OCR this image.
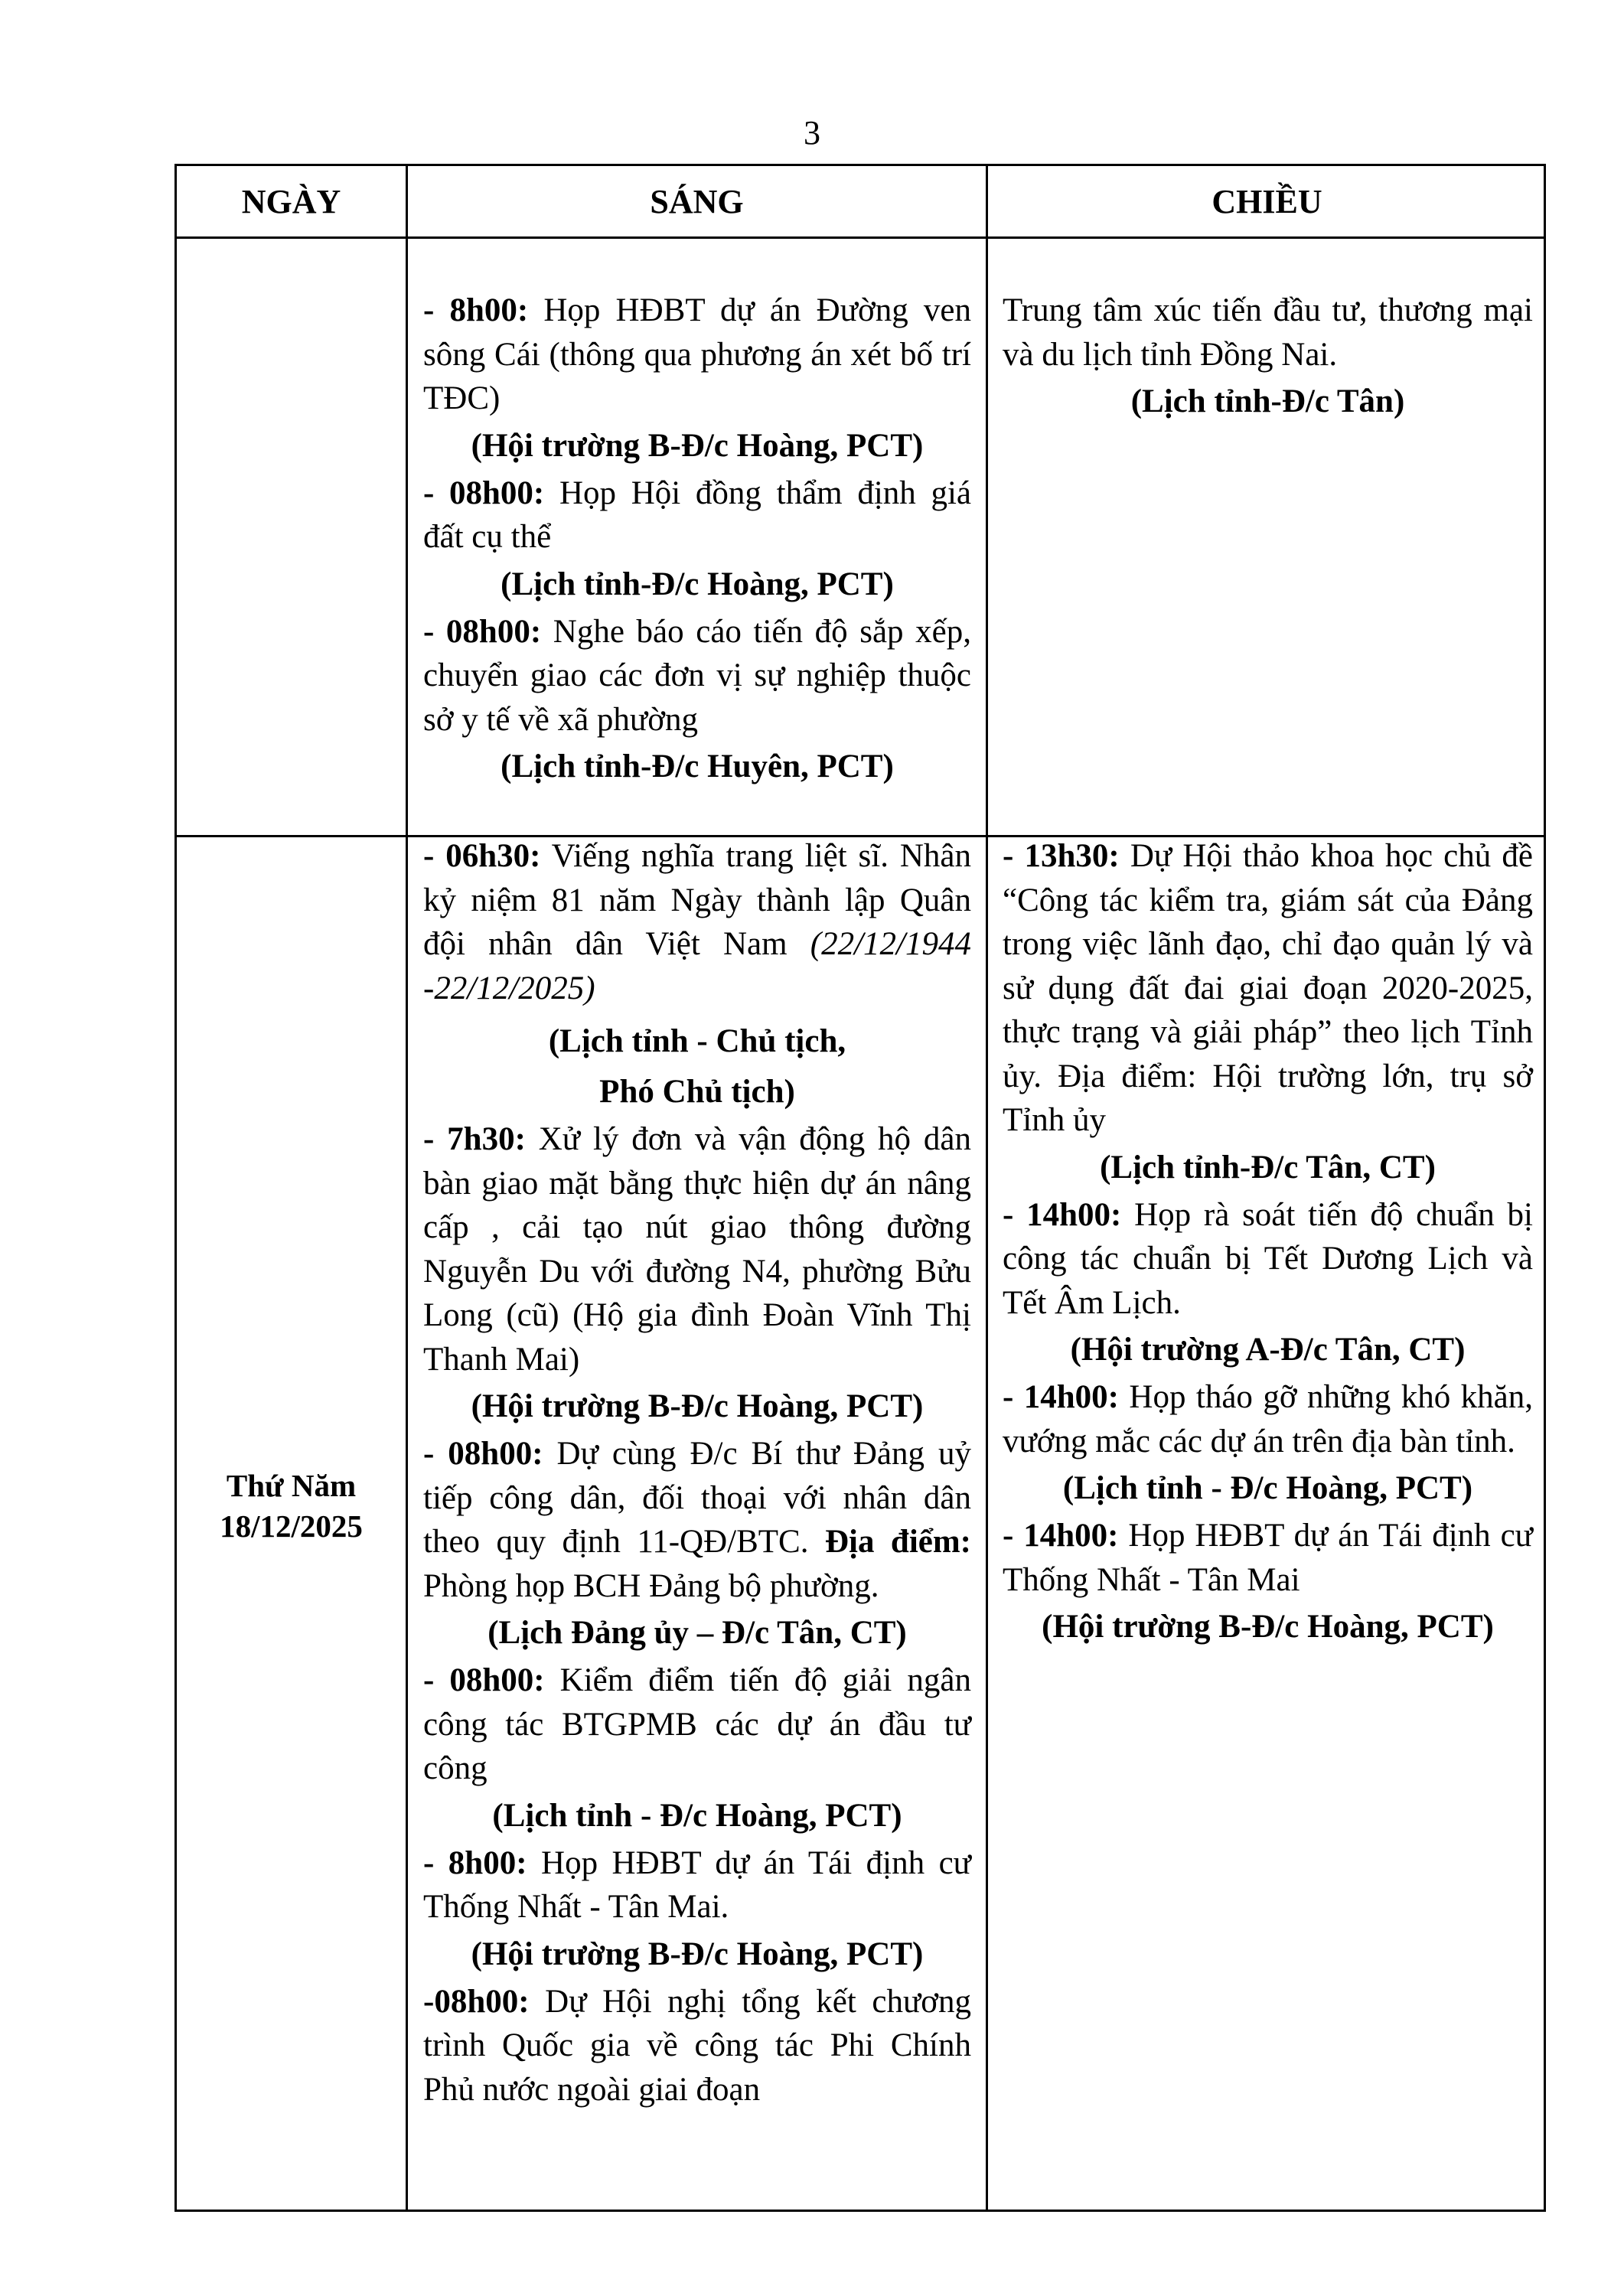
3
NGÀY	SÁNG	CHIỀU

- 8h00: Họp HĐBT dự án Đường ven sông Cái (thông qua phương án xét bố trí TĐC)

(Hội trường B-Đ/c Hoàng, PCT)

- 08h00: Họp Hội đồng thẩm định giá đất cụ thể

(Lịch tỉnh-Đ/c Hoàng, PCT)

- 08h00: Nghe báo cáo tiến độ sắp xếp, chuyển giao các đơn vị sự nghiệp thuộc sở y tế về xã phường

(Lịch tỉnh-Đ/c Huyên, PCT)

Trung tâm xúc tiến đầu tư, thương mại và du lịch tỉnh Đồng Nai.

(Lịch tỉnh-Đ/c Tân)

Thứ Năm
18/12/2025

- 06h30: Viếng nghĩa trang liệt sĩ. Nhân kỷ niệm 81 năm Ngày thành lập Quân đội nhân dân Việt Nam (22/12/1944 -22/12/2025)

(Lịch tỉnh - Chủ tịch,

Phó Chủ tịch)

- 7h30: Xử lý đơn và vận động hộ dân bàn giao mặt bằng thực hiện dự án nâng cấp , cải tạo nút giao thông đường Nguyễn Du với đường N4, phường Bửu Long (cũ) (Hộ gia đình Đoàn Vĩnh Thị Thanh Mai)

(Hội trường B-Đ/c Hoàng, PCT)

- 08h00: Dự cùng Đ/c Bí thư Đảng uỷ tiếp công dân, đối thoại với nhân dân theo quy định 11-QĐ/BTC. Địa điểm: Phòng họp BCH Đảng bộ phường.

(Lịch Đảng ủy – Đ/c Tân, CT)

- 08h00: Kiểm điểm tiến độ giải ngân công tác BTGPMB các dự án đầu tư công

(Lịch tỉnh - Đ/c Hoàng, PCT)

- 8h00: Họp HĐBT dự án Tái định cư Thống Nhất - Tân Mai.

(Hội trường B-Đ/c Hoàng, PCT)

-08h00: Dự Hội nghị tổng kết chương trình Quốc gia về công tác Phi Chính Phủ nước ngoài giai đoạn

- 13h30: Dự Hội thảo khoa học chủ đề “Công tác kiểm tra, giám sát của Đảng trong việc lãnh đạo, chỉ đạo quản lý và sử dụng đất đai giai đoạn 2020-2025, thực trạng và giải pháp” theo lịch Tỉnh ủy. Địa điểm: Hội trường lớn, trụ sở Tỉnh ủy

(Lịch tỉnh-Đ/c Tân, CT)

- 14h00: Họp rà soát tiến độ chuẩn bị công tác chuẩn bị Tết Dương Lịch và Tết Âm Lịch.

(Hội trường A-Đ/c Tân, CT)

- 14h00: Họp tháo gỡ những khó khăn, vướng mắc các dự án trên địa bàn tỉnh.

(Lịch tỉnh - Đ/c Hoàng, PCT)

- 14h00: Họp HĐBT dự án Tái định cư Thống Nhất - Tân Mai

(Hội trường B-Đ/c Hoàng, PCT)
